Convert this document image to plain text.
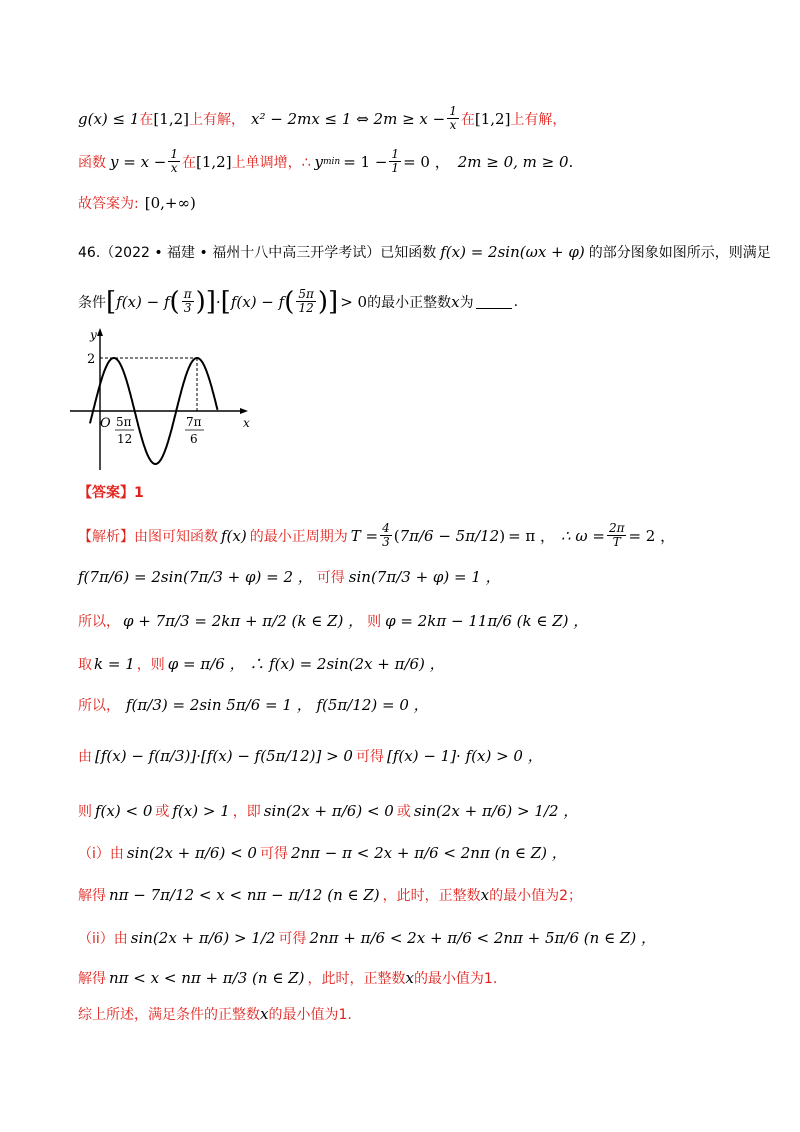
g(x) ≤ 1 在 [1,2] 上有解， x² − 2mx ≤ 1 ⇔ $2m \ge x - \frac{1}{x}$ 在 [1,2] 上有解，
函数 $y = x - \frac{1}{x}$ 在 [1,2] 上单调增，∴ y $\min = 1 - \frac{1}{1} = 0$ ， 2m ≥ 0, m ≥ 0 .
故答案为: [0,+∞)
46.（2022 • 福建 • 福州十八中高三开学考试）已知函数 f(x) = 2sin(ωx + φ) 的部分图象如图所示，则满足
条件 [ f(x) − f ( $\frac{\pi}{3}$ ) ] · [ f(x) − f ( $\frac{5\pi}{12}$ ) ] > 0 的最小正整数 x 为	.
y
x
O
2
5π
12
7π
6
【答案】1
【解析】由图可知函数 f(x) 的最小正周期为 $T = \frac{4}{3}$ ( 7π/6 − 5π/12 ) = π ， ∴ $\omega = \frac{2\pi}{T} = 2$ ，
f(7π/6) = 2sin(7π/3 + φ) = 2 ， 可得 sin(7π/3 + φ) = 1 ，
所以， φ + 7π/3 = 2kπ + π/2 (k ∈ Z) ， 则 φ = 2kπ − 11π/6 (k ∈ Z) ，
取 k = 1 ，则 φ = π/6 ， ∴ f(x) = 2sin(2x + π/6) ，
所以， f(π/3) = 2sin 5π/6 = 1 ， f(5π/12) = 0 ，
由 [f(x) − f(π/3)]·[f(x) − f(5π/12)] > 0 可得 [f(x) − 1]· f(x) > 0 ，
则 f(x) < 0 或 f(x) > 1 ，即 sin(2x + π/6) < 0 或 sin(2x + π/6) > 1/2 ，
（i）由 sin(2x + π/6) < 0 可得 2nπ − π < 2x + π/6 < 2nπ (n ∈ Z) ，
解得 nπ − 7π/12 < x < nπ − π/12 (n ∈ Z) ，此时，正整数 x 的最小值为2；
（ii）由 sin(2x + π/6) > 1/2 可得 2nπ + π/6 < 2x + π/6 < 2nπ + 5π/6 (n ∈ Z) ，
解得 nπ < x < nπ + π/3 (n ∈ Z) ，此时，正整数 x 的最小值为1.
综上所述，满足条件的正整数 x 的最小值为1.
